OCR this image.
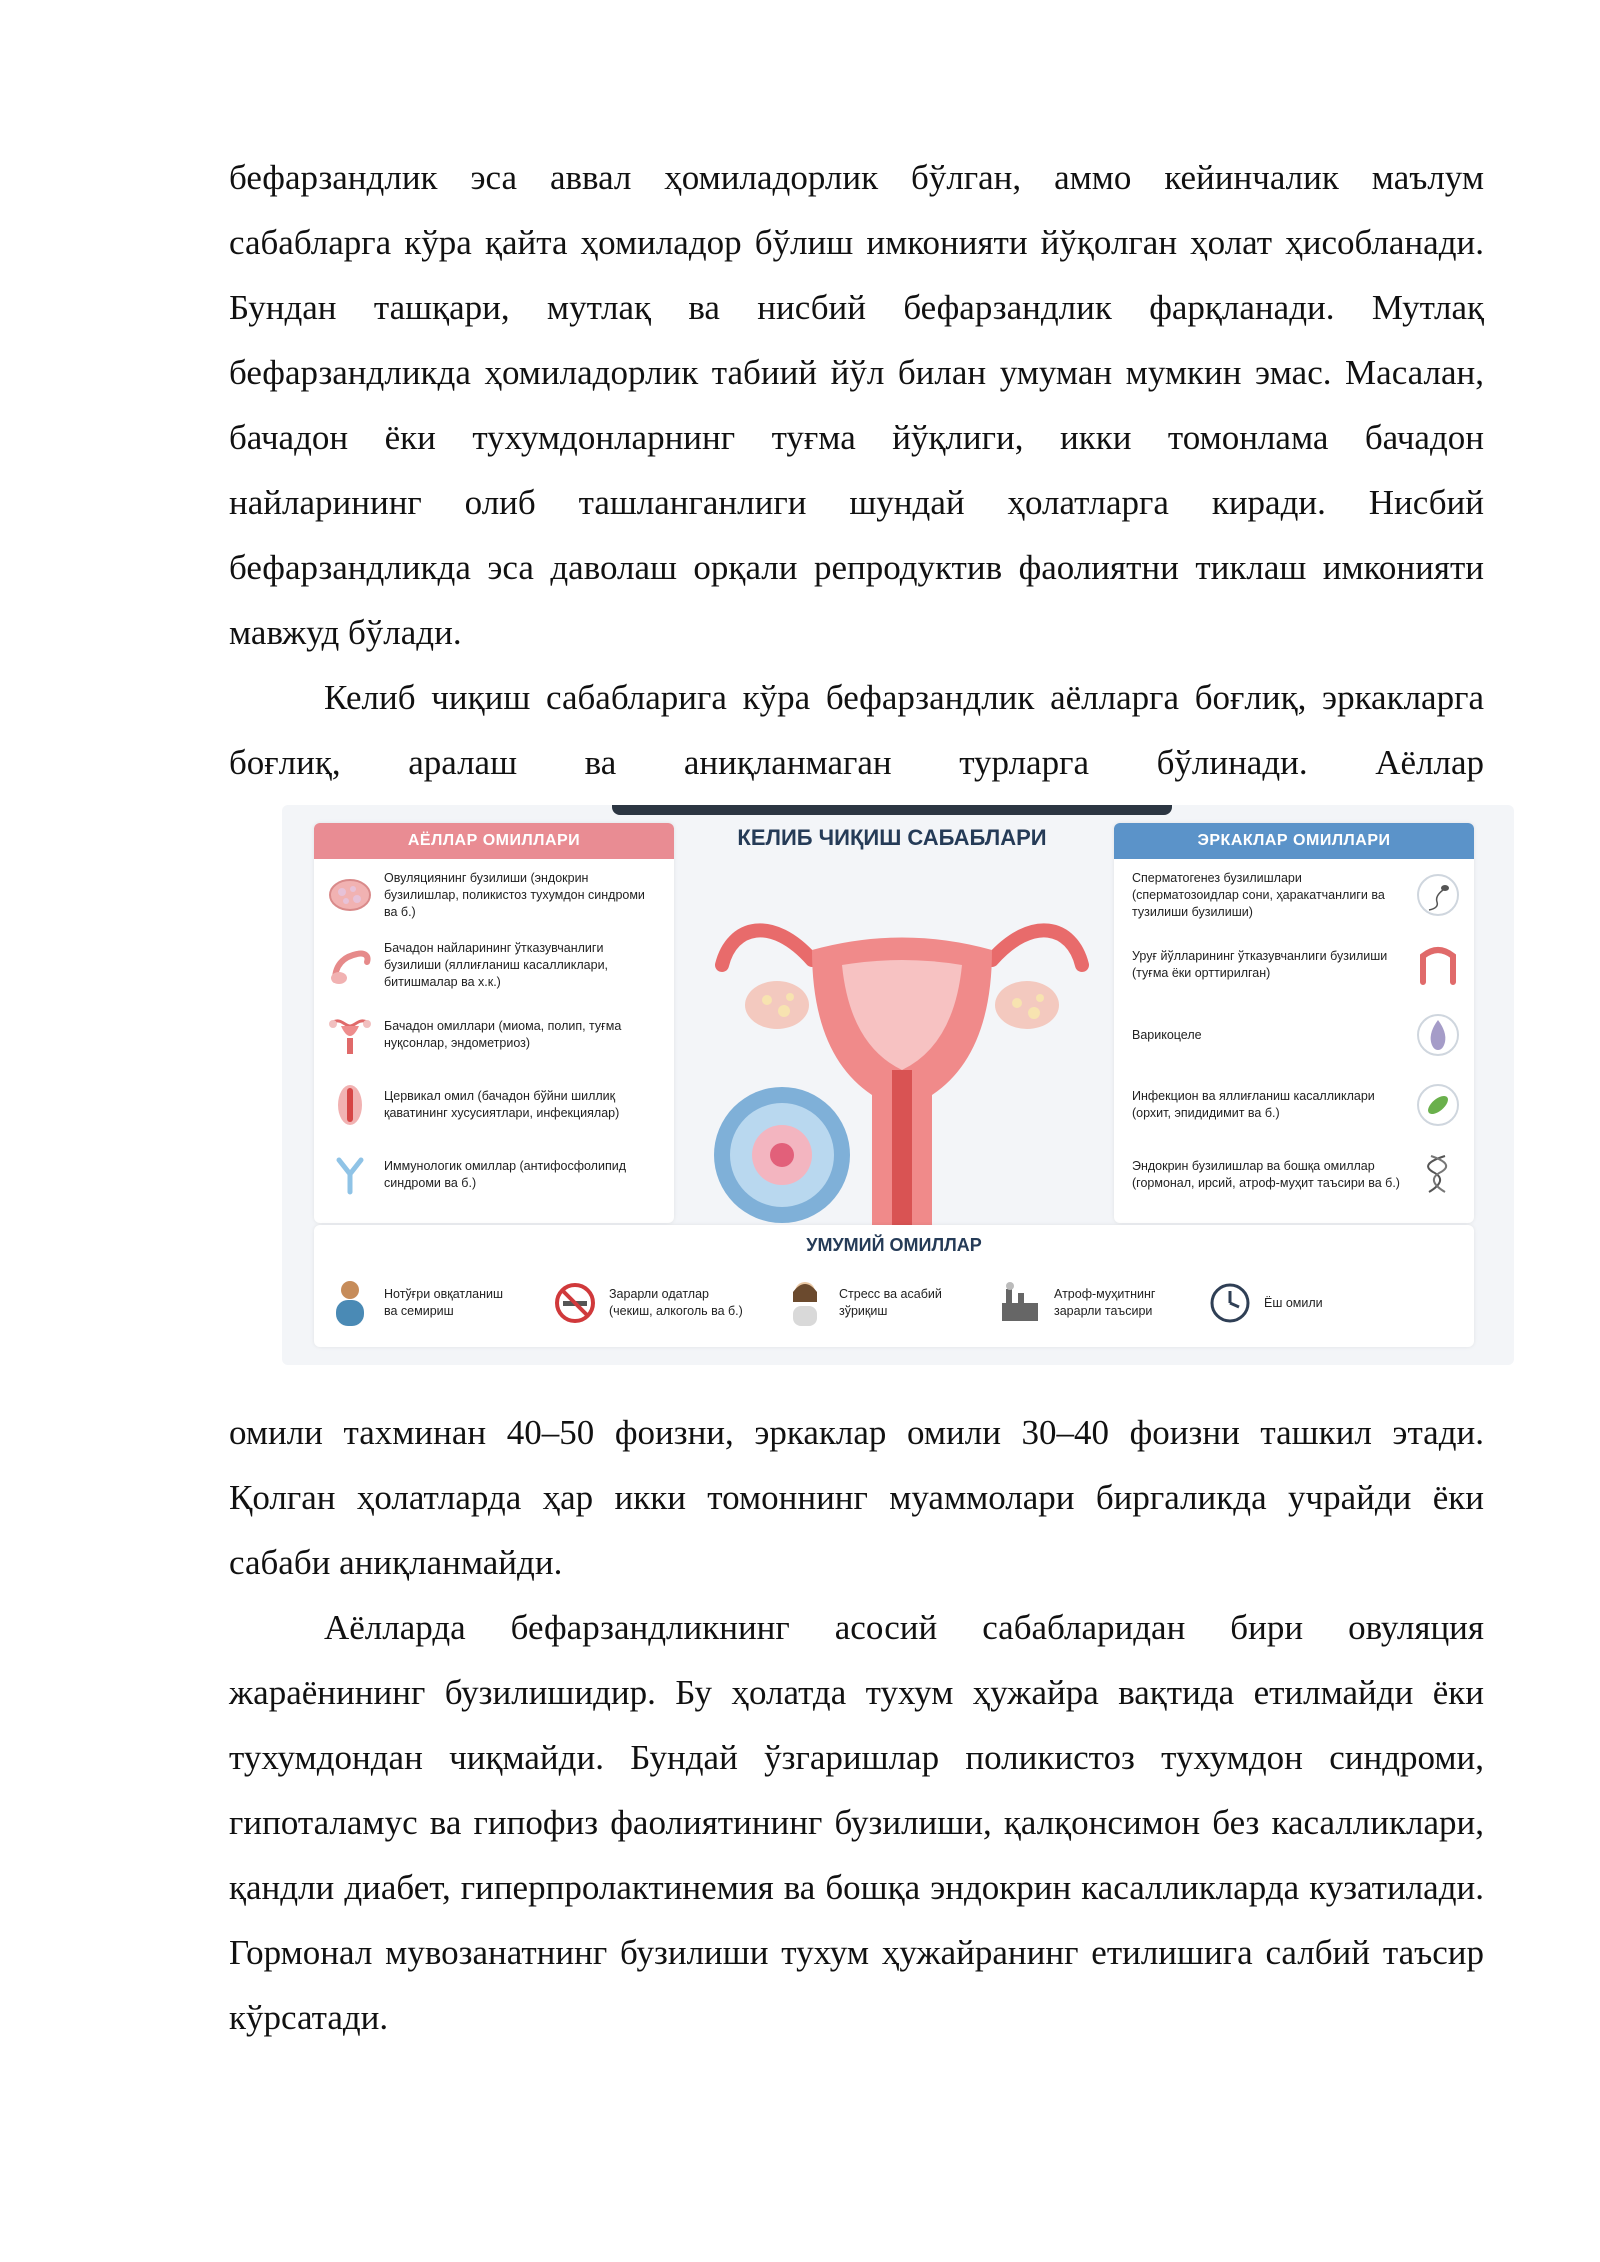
бефарзандлик эса аввал ҳомиладорлик бўлган, аммо кейинчалик маълум сабабларга кўра қайта ҳомиладор бўлиш имконияти йўқолган ҳолат ҳисобланади. Бундан ташқари, мутлақ ва нисбий бефарзандлик фарқланади. Мутлақ бефарзандликда ҳомиладорлик табиий йўл билан умуман мумкин эмас. Масалан, бачадон ёки тухумдонларнинг туғма йўқлиги, икки томонлама бачадон найларининг олиб ташланганлиги шундай ҳолатларга киради. Нисбий бефарзандликда эса даволаш орқали репродуктив фаолиятни тиклаш имконияти мавжуд бўлади.

Келиб чиқиш сабабларига кўра бефарзандлик аёлларга боғлиқ, эркакларга боғлиқ, аралаш ва аниқланмаган турларга бўлинади. Аёллар

АЁЛЛАР ОМИЛЛАРИ
Овуляциянинг бузилиши (эндокрин бузилишлар, поликистоз тухумдон синдроми ва б.)
Бачадон найларининг ўтказувчанлиги бузилиши (яллиғланиш касалликлари, битишмалар ва х.к.)
Бачадон омиллари (миома, полип, туғма нуқсонлар, эндометриоз)
Цервикал омил (бачадон бўйни шиллиқ қаватининг хусусиятлари, инфекциялар)
Иммунологик омиллар (антифосфолипид синдроми ва б.)
КЕЛИБ ЧИҚИШ САБАБЛАРИ	ЭРКАКЛАР ОМИЛЛАРИ
Сперматогенез бузилишлари (сперматозоидлар сони, ҳаракатчанлиги ва тузилиши бузилиши)
Уруғ йўлларининг ўтказувчанлиги бузилиши (туғма ёки орттирилган)
Варикоцеле
Инфекцион ва яллиғланиш касалликлари (орхит, эпидидимит ва б.)
Эндокрин бузилишлар ва бошқа омиллар (гормонал, ирсий, атроф-муҳит таъсири ва б.)
УМУМИЙ ОМИЛЛАР
Нотўғри овқатланиш ва семириш
Зарарли одатлар (чекиш, алкоголь ва б.)
Стресс ва асабий зўриқиш
Атроф-муҳитнинг зарарли таъсири
Ёш омили

омили тахминан 40–50 фоизни, эркаклар омили 30–40 фоизни ташкил этади. Қолган ҳолатларда ҳар икки томоннинг муаммолари биргаликда учрайди ёки сабаби аниқланмайди.

Аёлларда бефарзандликнинг асосий сабабларидан бири овуляция жараёнининг бузилишидир. Бу ҳолатда тухум ҳужайра вақтида етилмайди ёки тухумдондан чиқмайди. Бундай ўзгаришлар поликистоз тухумдон синдроми, гипоталамус ва гипофиз фаолиятининг бузилиши, қалқонсимон без касалликлари, қандли диабет, гиперпролактинемия ва бошқа эндокрин касалликларда кузатилади. Гормонал мувозанатнинг бузилиши тухум ҳужайранинг етилишига салбий таъсир кўрсатади.
